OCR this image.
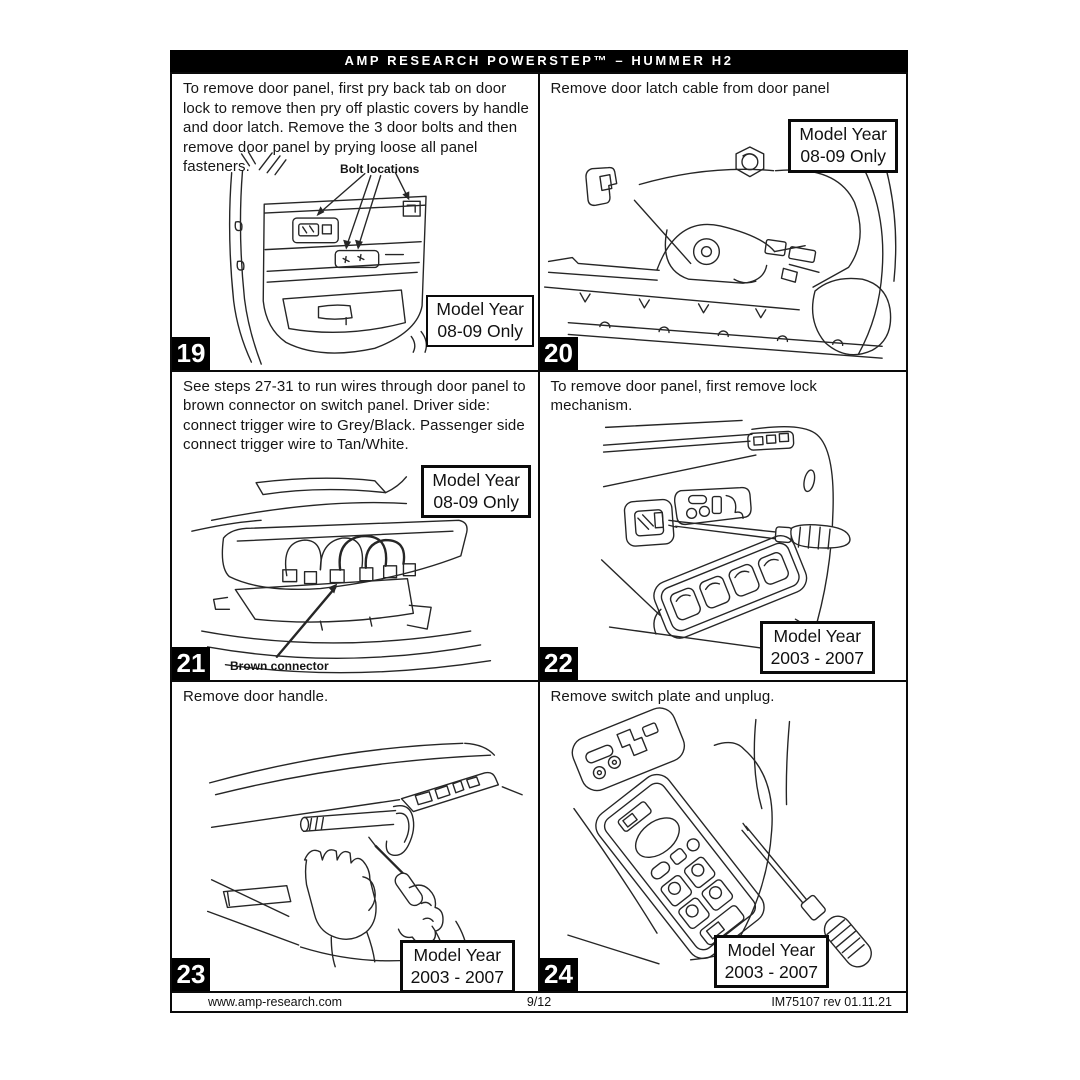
AMP RESEARCH POWERSTEP™ – HUMMER H2

To remove door panel, first pry back tab on door lock to remove then pry off plastic covers by handle and door latch. Remove the 3 door bolts and then remove door panel by prying loose all panel fasteners.	Bolt locations
Model Year
08-09 Only
19

Remove door latch cable from door panel

Model Year
08-09 Only
20

See steps 27-31 to run wires through door panel to brown connector on switch panel. Driver side: connect trigger wire to Grey/Black. Passenger side connect trigger wire to Tan/White.

Brown connector
Model Year
08-09 Only
21

To remove door panel, first remove lock mechanism.

Model Year
2003 - 2007
22

Remove door handle.

Model Year
2003 - 2007
23

Remove switch plate and unplug.

Model Year
2003 - 2007
24
www.amp-research.com	9/12	IM75107 rev 01.11.21
